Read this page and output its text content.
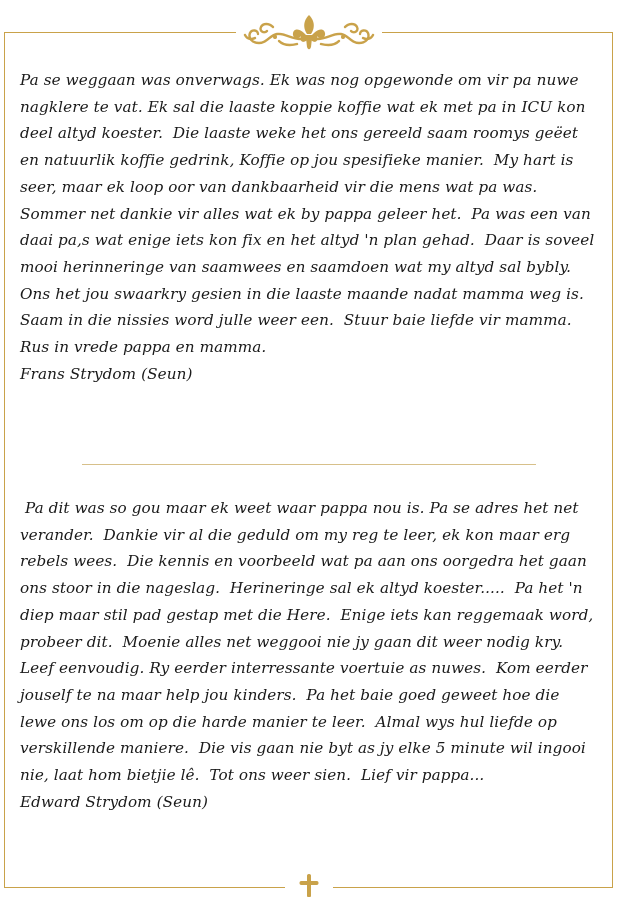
Pa se weggaan was onverwags. Ek was nog opgewonde om vir pa nuwe nagklere te vat. Ek sal die laaste koppie koffie wat ek met pa in ICU kon deel altyd koester.  Die laaste weke het ons gereeld saam roomys geëet en natuurlik koffie gedrink, Koffie op jou spesifieke manier.  My hart is seer, maar ek loop oor van dankbaarheid vir die mens wat pa was.  Sommer net dankie vir alles wat ek by pappa geleer het.  Pa was een van daai pa,s wat enige iets kon fix en het altyd 'n plan gehad.  Daar is soveel mooi herinneringe van saamwees en saamdoen wat my altyd sal bybly.  Ons het jou swaarkry gesien in die laaste maande nadat mamma weg is.  Saam in die nissies word julle weer een.  Stuur baie liefde vir mamma. Rus in vrede pappa en mamma.

Frans Strydom (Seun)

Pa dit was so gou maar ek weet waar pappa nou is. Pa se adres het net verander.  Dankie vir al die geduld om my reg te leer, ek kon maar erg rebels wees.  Die kennis en voorbeeld wat pa aan ons oorgedra het gaan ons stoor in die nageslag.  Herineringe sal ek altyd koester.....  Pa het 'n diep maar stil pad gestap met die Here.  Enige iets kan reggemaak word, probeer dit.  Moenie alles net weggooi nie jy gaan dit weer nodig kry. Leef eenvoudig. Ry eerder interressante voertuie as nuwes.  Kom eerder jouself te na maar help jou kinders.  Pa het baie goed geweet hoe die lewe ons los om op die harde manier te leer.  Almal wys hul liefde op verskillende maniere.  Die vis gaan nie byt as jy elke 5 minute wil ingooi nie, laat hom bietjie lê.  Tot ons weer sien.  Lief vir pappa...

Edward Strydom (Seun)
